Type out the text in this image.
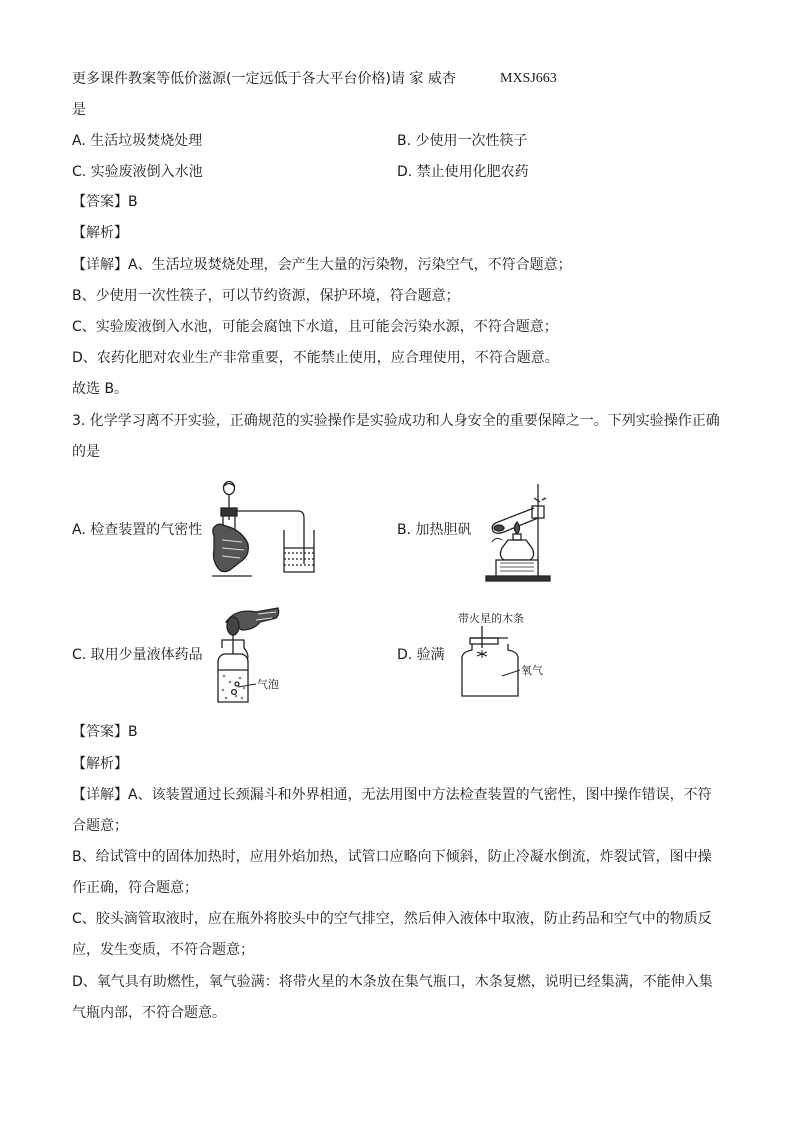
更多课件教案等低价滋源(一定远低于各大平台价格)请 家 威杏	MXSJ663
是
A. 生活垃圾焚烧处理	B. 少使用一次性筷子
C. 实验废液倒入水池	D. 禁止使用化肥农药
【答案】B
【解析】
【详解】A、生活垃圾焚烧处理，会产生大量的污染物，污染空气，不符合题意；
B、少使用一次性筷子，可以节约资源，保护环境，符合题意；
C、实验废液倒入水池，可能会腐蚀下水道，且可能会污染水源，不符合题意；
D、农药化肥对农业生产非常重要，不能禁止使用，应合理使用，不符合题意。
故选 B。
3. 化学学习离不开实验，正确规范的实验操作是实验成功和人身安全的重要保障之一。下列实验操作正确
的是
A. 检查装置的气密性	B. 加热胆矾
C. 取用少量液体药品
气泡
D. 验满
带火星的木条
氧气
【答案】B
【解析】
【详解】A、该装置通过长颈漏斗和外界相通，无法用图中方法检查装置的气密性，图中操作错误，不符
合题意；
B、给试管中的固体加热时，应用外焰加热，试管口应略向下倾斜，防止冷凝水倒流，炸裂试管，图中操
作正确，符合题意；
C、胶头滴管取液时，应在瓶外将胶头中的空气排空，然后伸入液体中取液，防止药品和空气中的物质反
应，发生变质，不符合题意；
D、氧气具有助燃性，氧气验满：将带火星的木条放在集气瓶口，木条复燃，说明已经集满，不能伸入集
气瓶内部，不符合题意。
